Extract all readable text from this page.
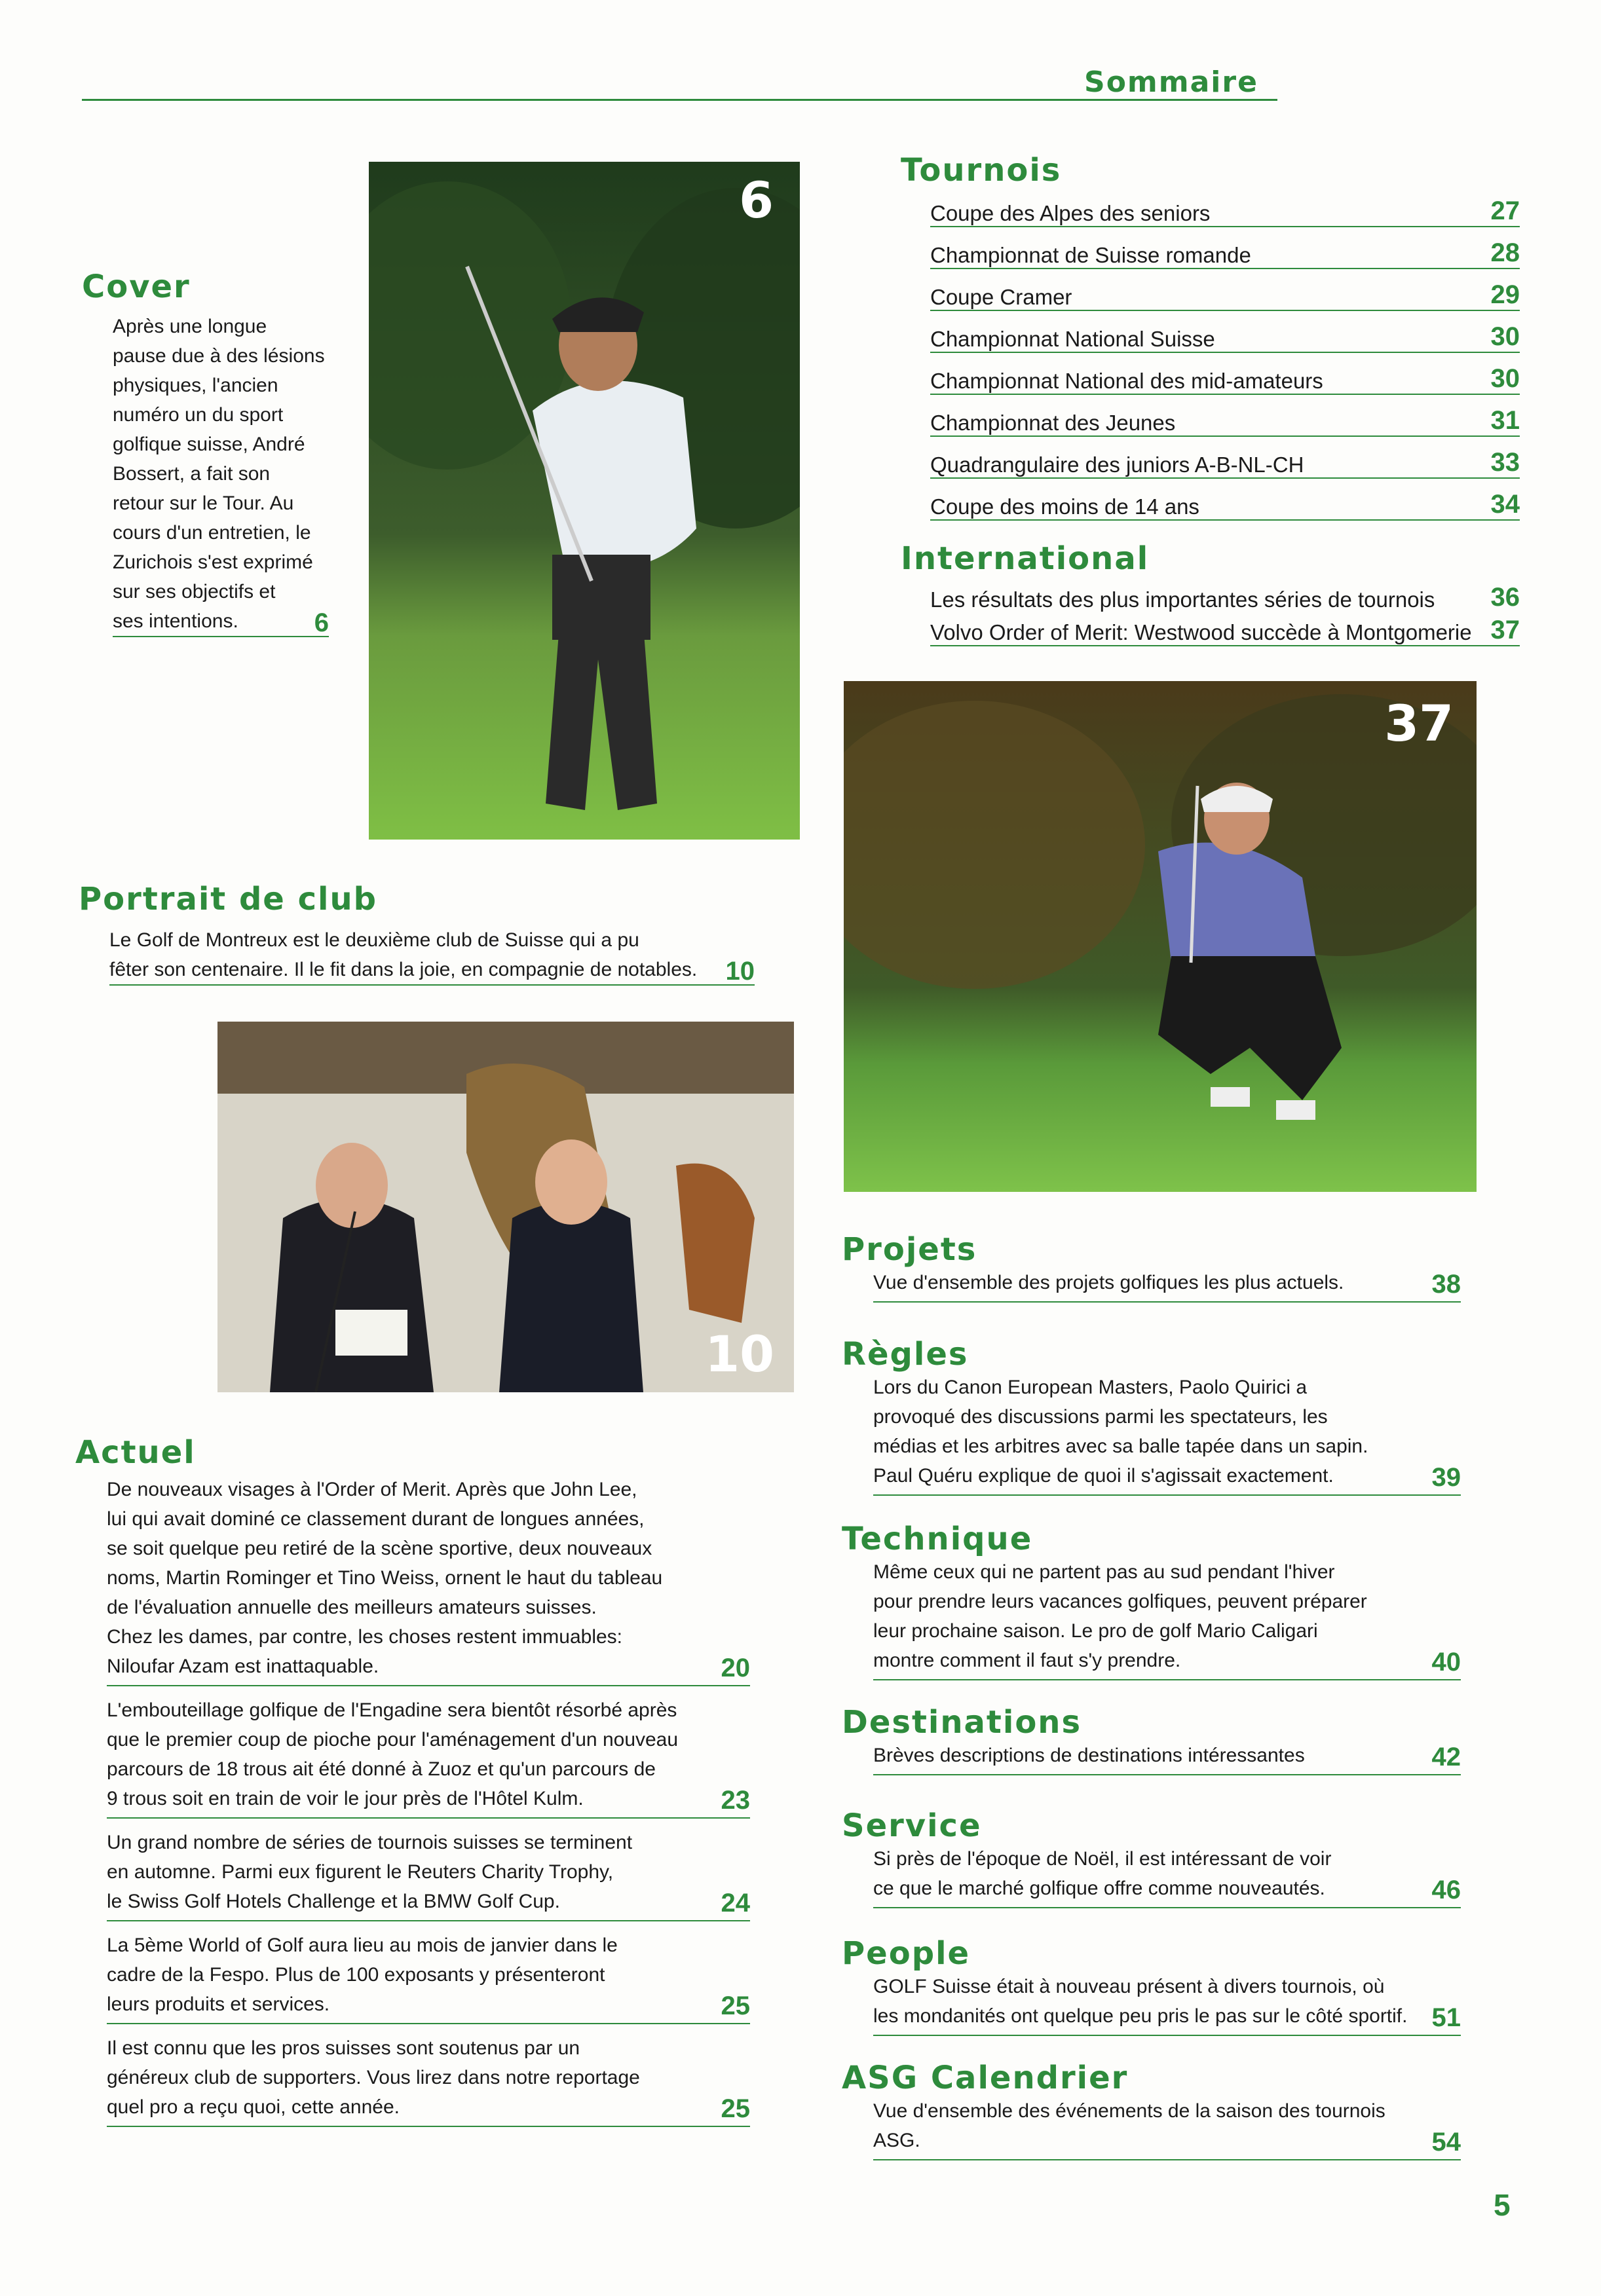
Sommaire
Cover
Après une longue
pause due à des lésions
physiques, l'ancien
numéro un du sport
golfique suisse, André
Bossert, a fait son
retour sur le Tour. Au
cours d'un entretien, le
Zurichois s'est exprimé
sur ses objectifs et
ses intentions.	6
6
Tournois
Coupe des Alpes des seniors	27
Championnat de Suisse romande	28
Coupe Cramer	29
Championnat National Suisse	30
Championnat National des mid-amateurs	30
Championnat des Jeunes	31
Quadrangulaire des juniors A-B-NL-CH	33
Coupe des moins de 14 ans	34
International
Les résultats des plus importantes séries de tournois 36
Volvo Order of Merit: Westwood succède à Montgomerie 37
37
Portrait de club
Le Golf de Montreux est le deuxième club de Suisse qui a pu
fêter son centenaire. Il le fit dans la joie, en compagnie de notables. 10
10
Actuel

De nouveaux visages à l'Order of Merit. Après que John Lee,
lui qui avait dominé ce classement durant de longues années,
se soit quelque peu retiré de la scène sportive, deux nouveaux
noms, Martin Rominger et Tino Weiss, ornent le haut du tableau
de l'évaluation annuelle des meilleurs amateurs suisses.
Chez les dames, par contre, les choses restent immuables:

Niloufar Azam est inattaquable.	20

L'embouteillage golfique de l'Engadine sera bientôt résorbé après
que le premier coup de pioche pour l'aménagement d'un nouveau
parcours de 18 trous ait été donné à Zuoz et qu'un parcours de

9 trous soit en train de voir le jour près de l'Hôtel Kulm.	23

Un grand nombre de séries de tournois suisses se terminent
en automne. Parmi eux figurent le Reuters Charity Trophy,

le Swiss Golf Hotels Challenge et la BMW Golf Cup.	24

La 5ème World of Golf aura lieu au mois de janvier dans le
cadre de la Fespo. Plus de 100 exposants y présenteront

leurs produits et services.	25

Il est connu que les pros suisses sont soutenus par un
généreux club de supporters. Vous lirez dans notre reportage

quel pro a reçu quoi, cette année.	25
Projets
Vue d'ensemble des projets golfiques les plus actuels.	38
Règles

Lors du Canon European Masters, Paolo Quirici a
provoqué des discussions parmi les spectateurs, les
médias et les arbitres avec sa balle tapée dans un sapin.

Paul Quéru explique de quoi il s'agissait exactement.	39
Technique

Même ceux qui ne partent pas au sud pendant l'hiver
pour prendre leurs vacances golfiques, peuvent préparer
leur prochaine saison. Le pro de golf Mario Caligari

montre comment il faut s'y prendre.	40
Destinations
Brèves descriptions de destinations intéressantes	42
Service

Si près de l'époque de Noël, il est intéressant de voir

ce que le marché golfique offre comme nouveautés.	46
People

GOLF Suisse était à nouveau présent à divers tournois, où

les mondanités ont quelque peu pris le pas sur le côté sportif. 51
ASG Calendrier
Vue d'ensemble des événements de la saison des tournois ASG.	54
5
